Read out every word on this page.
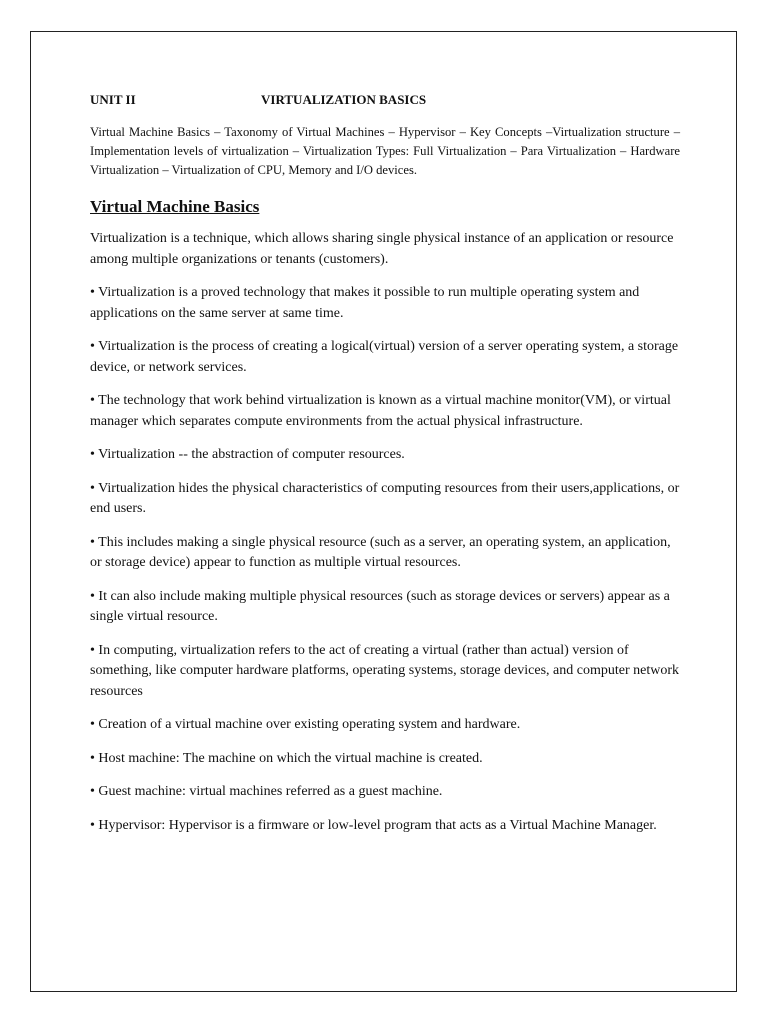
UNIT II	VIRTUALIZATION BASICS

Virtual Machine Basics – Taxonomy of Virtual Machines – Hypervisor – Key Concepts –Virtualization structure – Implementation levels of virtualization – Virtualization Types: Full Virtualization – Para Virtualization – Hardware Virtualization – Virtualization of CPU, Memory and I/O devices.

Virtual Machine Basics

Virtualization is a technique, which allows sharing single physical instance of an application or resource among multiple organizations or tenants (customers).

• Virtualization is a proved technology that makes it possible to run multiple operating system and applications on the same server at same time.

• Virtualization is the process of creating a logical(virtual) version of a server operating system, a storage device, or network services.

• The technology that work behind virtualization is known as a virtual machine monitor(VM), or virtual manager which separates compute environments from the actual physical infrastructure.

• Virtualization -- the abstraction of computer resources.

• Virtualization hides the physical characteristics of computing resources from their users,applications, or end users.

• This includes making a single physical resource (such as a server, an operating system, an application, or storage device) appear to function as multiple virtual resources.

• It can also include making multiple physical resources (such as storage devices or servers) appear as a single virtual resource.

• In computing, virtualization refers to the act of creating a virtual (rather than actual) version of something, like computer hardware platforms, operating systems, storage devices, and computer network resources

• Creation of a virtual machine over existing operating system and hardware.

• Host machine: The machine on which the virtual machine is created.

• Guest machine: virtual machines referred as a guest machine.

• Hypervisor: Hypervisor is a firmware or low-level program that acts as a Virtual Machine Manager.
